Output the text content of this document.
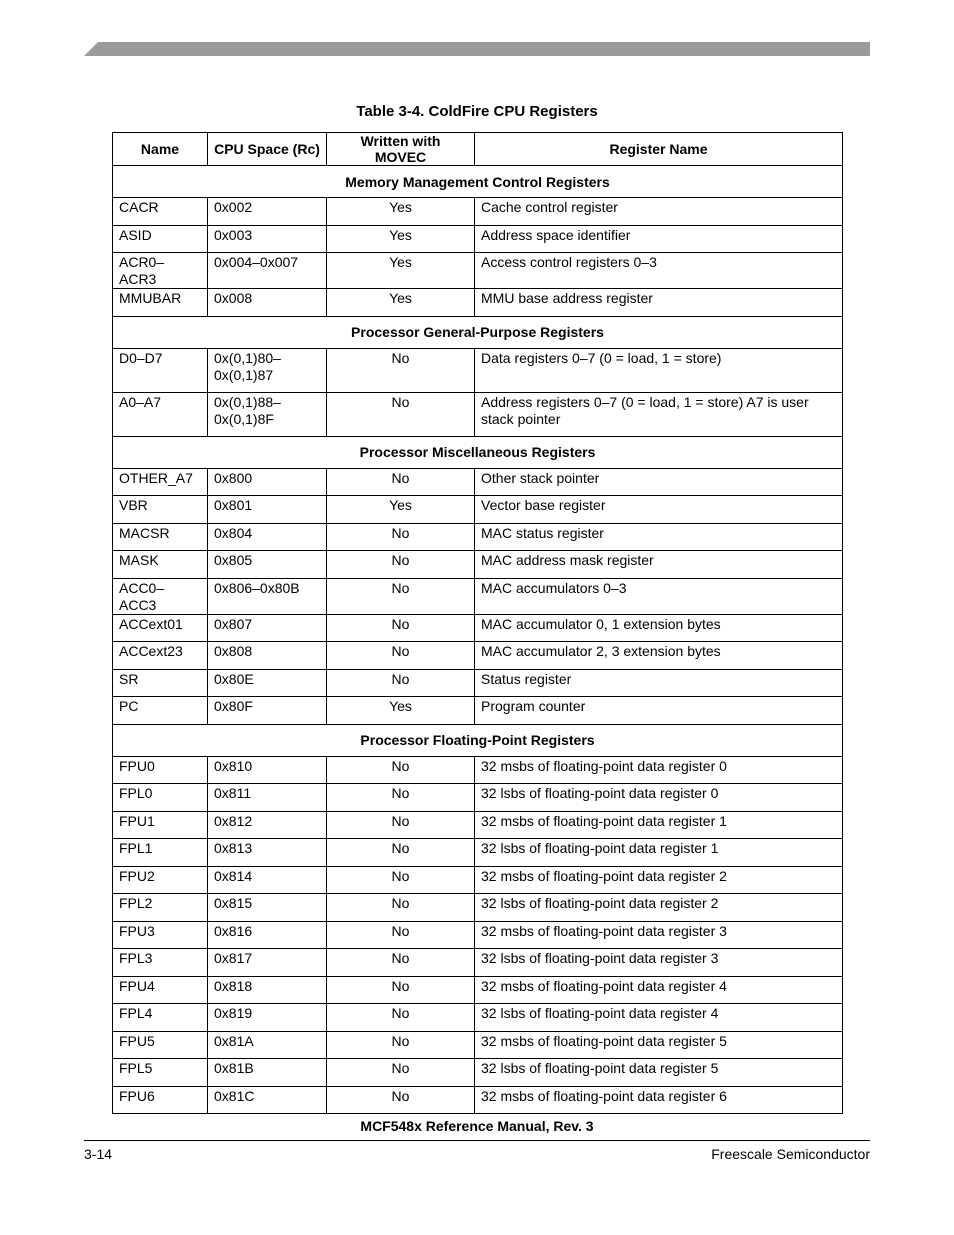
Table 3-4. ColdFire CPU Registers
Name	CPU Space (Rc)	Written with MOVEC	Register Name
Memory Management Control Registers			
CACR	0x002	Yes	Cache control register
ASID	0x003	Yes	Address space identifier
ACR0–ACR3	0x004–0x007	Yes	Access control registers 0–3
MMUBAR	0x008	Yes	MMU base address register
Processor General-Purpose Registers			
D0–D7	0x(0,1)80–0x(0,1)87	No	Data registers 0–7 (0 = load, 1 = store)
A0–A7	0x(0,1)88–0x(0,1)8F	No	Address registers 0–7 (0 = load, 1 = store) A7 is user stack pointer
Processor Miscellaneous Registers			
OTHER_A7	0x800	No	Other stack pointer
VBR	0x801	Yes	Vector base register
MACSR	0x804	No	MAC status register
MASK	0x805	No	MAC address mask register
ACC0–ACC3	0x806–0x80B	No	MAC accumulators 0–3
ACCext01	0x807	No	MAC accumulator 0, 1 extension bytes
ACCext23	0x808	No	MAC accumulator 2, 3 extension bytes
SR	0x80E	No	Status register
PC	0x80F	Yes	Program counter
Processor Floating-Point Registers			
FPU0	0x810	No	32 msbs of floating-point data register 0
FPL0	0x811	No	32 lsbs of floating-point data register 0
FPU1	0x812	No	32 msbs of floating-point data register 1
FPL1	0x813	No	32 lsbs of floating-point data register 1
FPU2	0x814	No	32 msbs of floating-point data register 2
FPL2	0x815	No	32 lsbs of floating-point data register 2
FPU3	0x816	No	32 msbs of floating-point data register 3
FPL3	0x817	No	32 lsbs of floating-point data register 3
FPU4	0x818	No	32 msbs of floating-point data register 4
FPL4	0x819	No	32 lsbs of floating-point data register 4
FPU5	0x81A	No	32 msbs of floating-point data register 5
FPL5	0x81B	No	32 lsbs of floating-point data register 5
FPU6	0x81C	No	32 msbs of floating-point data register 6
MCF548x Reference Manual, Rev. 3
3-14	Freescale Semiconductor
